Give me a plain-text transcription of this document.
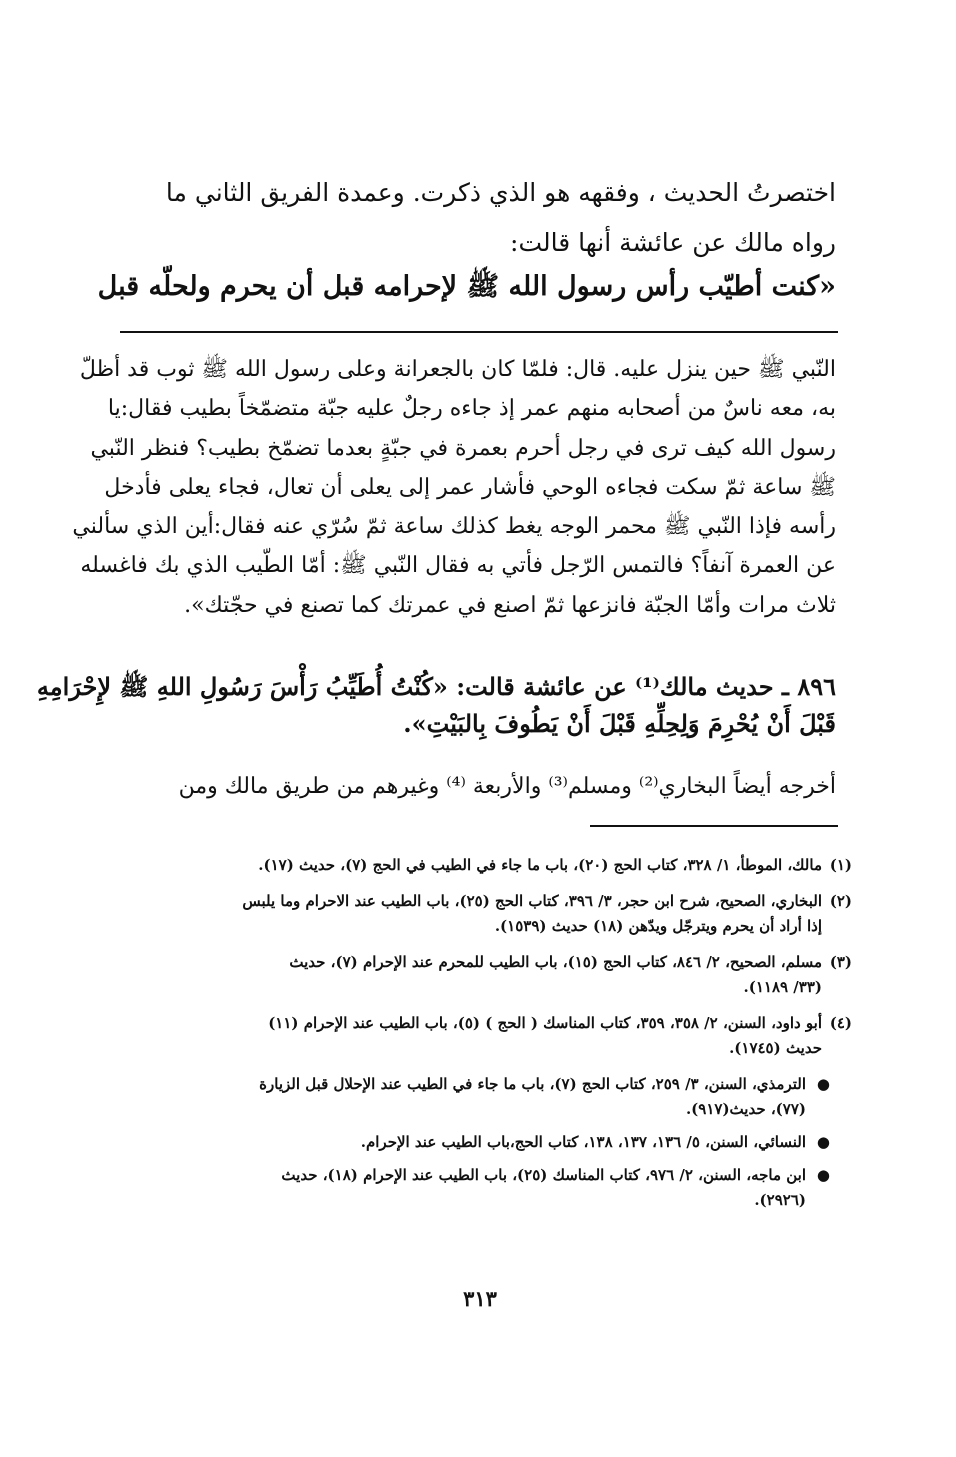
اختصرتُ الحديث ، وفقهه هو الذي ذكرت. وعمدة الفريق الثاني ما
رواه مالك عن عائشة أنها قالت:
«كنت أطيّب رأس رسول الله ﷺ لإحرامه قبل أن يحرم ولحلّه قبل
النّبي ﷺ حين ينزل عليه. قال: فلمّا كان بالجعرانة وعلى رسول الله ﷺ ثوب قد أظلّ
به، معه ناسٌ من أصحابه منهم عمر إذ جاءه رجلٌ عليه جبّة متضمّخاً بطيب فقال:يا
رسول الله كيف ترى في رجل أحرم بعمرة في جبّةٍ بعدما تضمّخ بطيب؟ فنظر النّبي
ﷺ ساعة ثمّ سكت فجاءه الوحي فأشار عمر إلى يعلى أن تعال، فجاء يعلى فأدخل
رأسه فإذا النّبي ﷺ محمر الوجه يغط كذلك ساعة ثمّ سُرّي عنه فقال:أين الذي سألني
عن العمرة آنفاً؟ فالتمس الرّجل فأتي به فقال النّبي ﷺ: أمّا الطّيب الذي بك فاغسله
ثلاث مرات وأمّا الجبّة فانزعها ثمّ اصنع في عمرتك كما تصنع في حجّتك».
٨٩٦ ـ حديث مالك⁽¹⁾ عن عائشة قالت: «كُنْتُ أُطَيِّبُ رَأْسَ رَسُولِ اللهِ ﷺ لإِحْرَامِهِ
قَبْلَ أَنْ يُحْرِمَ وَلِحِلِّهِ قَبْلَ أَنْ يَطُوفَ بِالبَيْتِ».
أخرجه أيضاً البخاري⁽²⁾ ومسلم⁽³⁾ والأربعة ⁽⁴⁾ وغيرهم من طريق مالك ومن
(١)
مالك، الموطأ، ١/ ٣٢٨، كتاب الحج (٢٠)، باب ما جاء في الطيب في الحج (٧)، حديث (١٧).
(٢)
البخاري، الصحيح، شرح ابن حجر، ٣/ ٣٩٦، كتاب الحج (٢٥)، باب الطيب عند الاحرام وما يلبس
إذا أراد أن يحرم ويترجّل ويدّهن (١٨) حديث (١٥٣٩).
(٣)
مسلم، الصحيح، ٢/ ٨٤٦، كتاب الحج (١٥)، باب الطيب للمحرم عند الإحرام (٧)، حديث
(٣٣/ ١١٨٩).
(٤)
أبو داود، السنن، ٢/ ٣٥٨، ٣٥٩، كتاب المناسك ( الحج ) (٥)، باب الطيب عند الإحرام (١١)
حديث (١٧٤٥).
●
الترمذي، السنن، ٣/ ٢٥٩، كتاب الحج (٧)، باب ما جاء في الطيب عند الإحلال قبل الزيارة
(٧٧)، حديث(٩١٧).
●
النسائي، السنن، ٥/ ١٣٦، ١٣٧، ١٣٨، كتاب الحج،باب الطيب عند الإحرام.
●
ابن ماجه، السنن، ٢/ ٩٧٦، كتاب المناسك (٢٥)، باب الطيب عند الإحرام (١٨)، حديث
(٢٩٢٦).
٣١٣
